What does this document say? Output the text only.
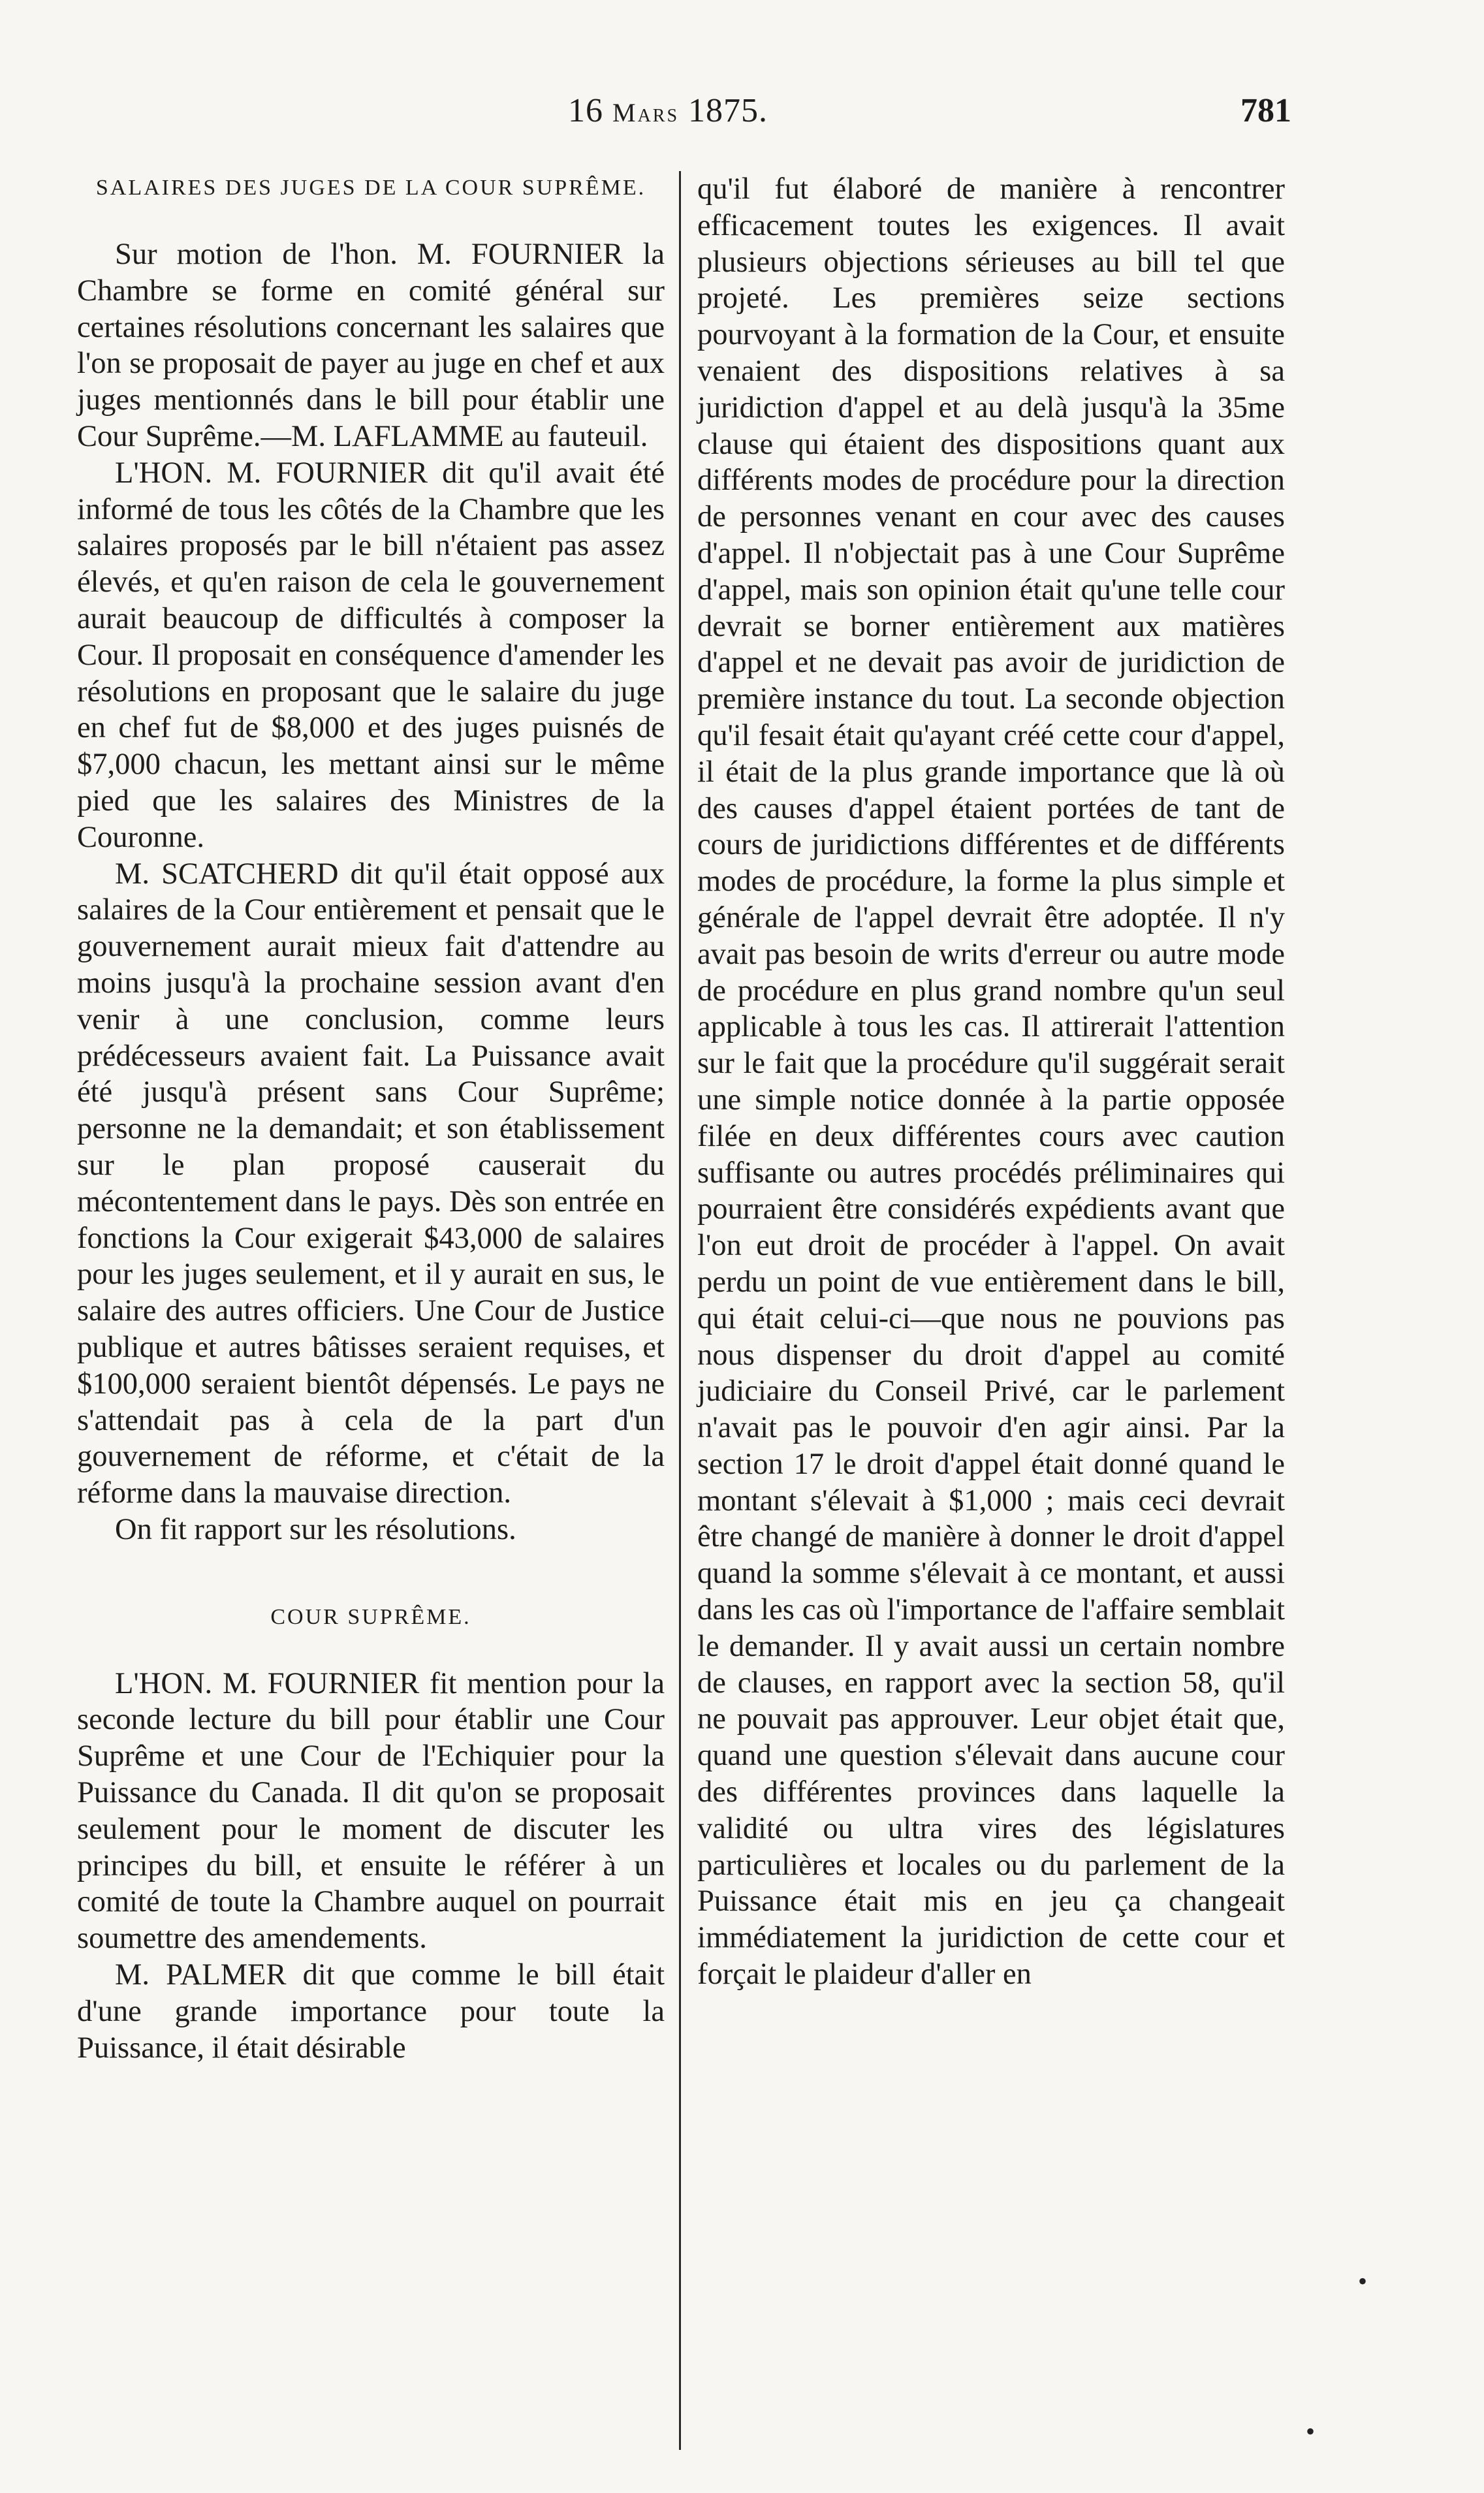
16 Mars 1875.	781
SALAIRES DES JUGES DE LA COUR SUPRÊME.

Sur motion de l'hon. M. FOURNIER la Chambre se forme en comité général sur certaines résolutions concernant les salaires que l'on se proposait de payer au juge en chef et aux juges mentionnés dans le bill pour établir une Cour Suprême.—M. LAFLAMME au fauteuil.

L'HON. M. FOURNIER dit qu'il avait été informé de tous les côtés de la Chambre que les salaires proposés par le bill n'étaient pas assez élevés, et qu'en raison de cela le gouvernement aurait beaucoup de difficultés à composer la Cour. Il proposait en conséquence d'amender les résolutions en proposant que le salaire du juge en chef fut de $8,000 et des juges puisnés de $7,000 chacun, les mettant ainsi sur le même pied que les salaires des Ministres de la Couronne.

M. SCATCHERD dit qu'il était opposé aux salaires de la Cour entièrement et pensait que le gouvernement aurait mieux fait d'attendre au moins jusqu'à la prochaine session avant d'en venir à une conclusion, comme leurs prédécesseurs avaient fait. La Puissance avait été jusqu'à présent sans Cour Suprême; personne ne la demandait; et son établissement sur le plan proposé causerait du mécontentement dans le pays. Dès son entrée en fonctions la Cour exigerait $43,000 de salaires pour les juges seulement, et il y aurait en sus, le salaire des autres officiers. Une Cour de Justice publique et autres bâtisses seraient requises, et $100,000 seraient bientôt dépensés. Le pays ne s'attendait pas à cela de la part d'un gouvernement de réforme, et c'était de la réforme dans la mauvaise direction.

On fit rapport sur les résolutions.

COUR SUPRÊME.

L'HON. M. FOURNIER fit mention pour la seconde lecture du bill pour établir une Cour Suprême et une Cour de l'Echiquier pour la Puissance du Canada. Il dit qu'on se proposait seulement pour le moment de discuter les principes du bill, et ensuite le référer à un comité de toute la Chambre auquel on pourrait soumettre des amendements.

M. PALMER dit que comme le bill était d'une grande importance pour toute la Puissance, il était désirable

qu'il fut élaboré de manière à rencontrer efficacement toutes les exigences. Il avait plusieurs objections sérieuses au bill tel que projeté. Les premières seize sections pourvoyant à la formation de la Cour, et ensuite venaient des dispositions relatives à sa juridiction d'appel et au delà jusqu'à la 35me clause qui étaient des dispositions quant aux différents modes de procédure pour la direction de personnes venant en cour avec des causes d'appel. Il n'objectait pas à une Cour Suprême d'appel, mais son opinion était qu'une telle cour devrait se borner entièrement aux matières d'appel et ne devait pas avoir de juridiction de première instance du tout. La seconde objection qu'il fesait était qu'ayant créé cette cour d'appel, il était de la plus grande importance que là où des causes d'appel étaient portées de tant de cours de juridictions différentes et de différents modes de procédure, la forme la plus simple et générale de l'appel devrait être adoptée. Il n'y avait pas besoin de writs d'erreur ou autre mode de procédure en plus grand nombre qu'un seul applicable à tous les cas. Il attirerait l'attention sur le fait que la procédure qu'il suggérait serait une simple notice donnée à la partie opposée filée en deux différentes cours avec caution suffisante ou autres procédés préliminaires qui pourraient être considérés expédients avant que l'on eut droit de procéder à l'appel. On avait perdu un point de vue entièrement dans le bill, qui était celui-ci—que nous ne pouvions pas nous dispenser du droit d'appel au comité judiciaire du Conseil Privé, car le parlement n'avait pas le pouvoir d'en agir ainsi. Par la section 17 le droit d'appel était donné quand le montant s'élevait à $1,000 ; mais ceci devrait être changé de manière à donner le droit d'appel quand la somme s'élevait à ce montant, et aussi dans les cas où l'importance de l'affaire semblait le demander. Il y avait aussi un certain nombre de clauses, en rapport avec la section 58, qu'il ne pouvait pas approuver. Leur objet était que, quand une question s'élevait dans aucune cour des différentes provinces dans laquelle la validité ou ultra vires des législatures particulières et locales ou du parlement de la Puissance était mis en jeu ça changeait immédiatement la juridiction de cette cour et forçait le plaideur d'aller en

•
•
